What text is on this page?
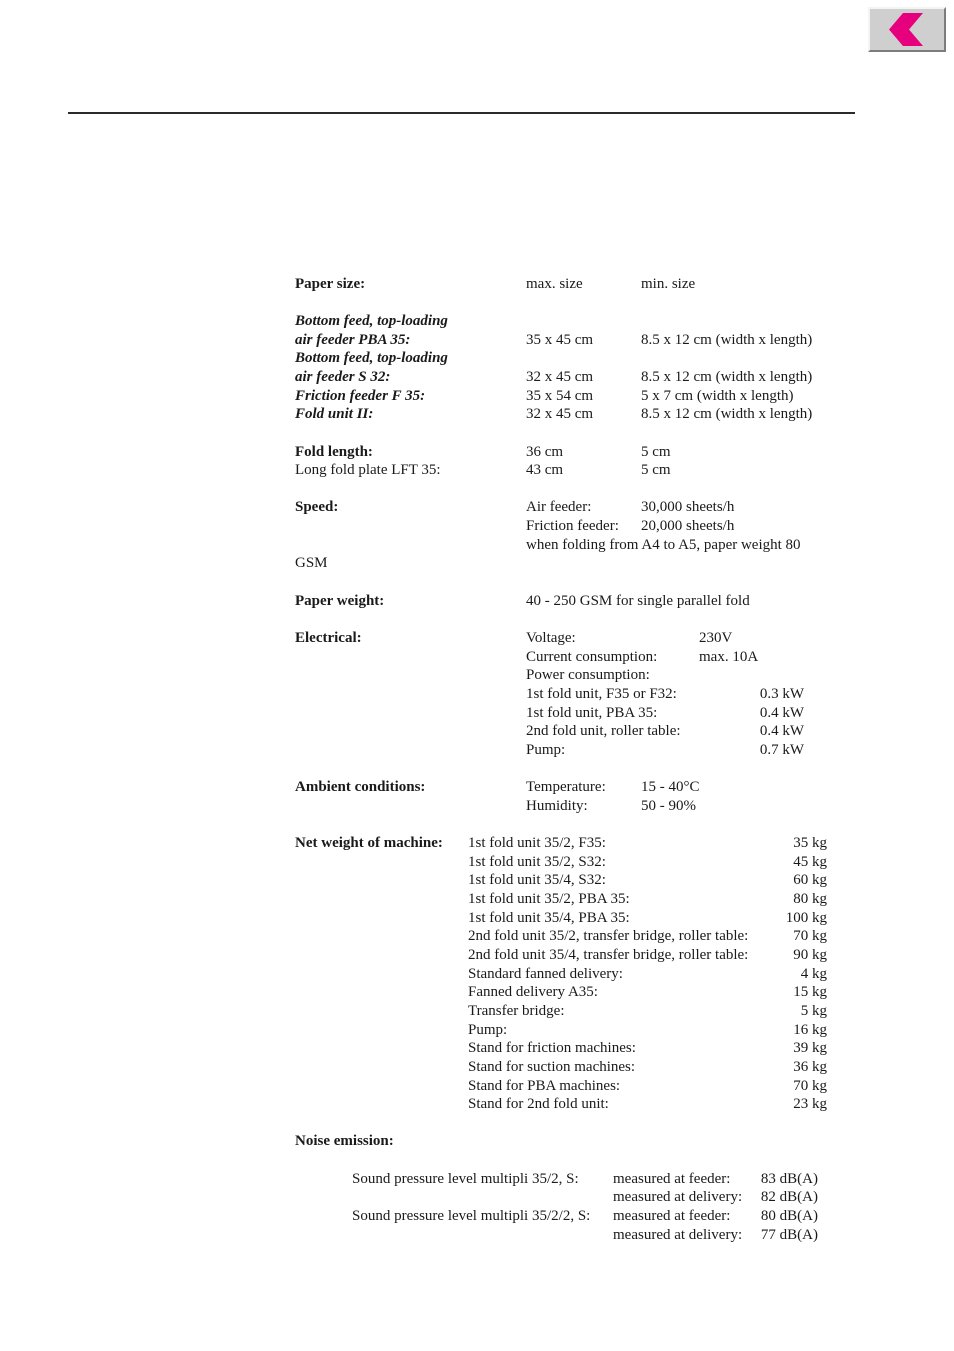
Paper size:	max. size	min. size
Bottom feed, top-loading
air feeder PBA 35:	35 x 45 cm	8.5 x 12 cm (width x length)
Bottom feed, top-loading
air feeder S 32:	32 x 45 cm	8.5 x 12 cm (width x length)
Friction feeder F 35:	35 x 54 cm	5 x 7 cm (width x length)
Fold unit II:	32 x 45 cm	8.5 x 12 cm (width x length)
Fold length:	36 cm	5 cm
Long fold plate LFT 35:	43 cm	5 cm
Speed:	Air feeder:	30,000 sheets/h
Friction feeder: 20,000 sheets/h
when folding from A4 to A5, paper weight 80
GSM
Paper weight:	40 - 250 GSM for single parallel fold
Electrical:	Voltage:	230V
Current consumption:	max. 10A
Power consumption:
1st fold unit, F35 or F32:	0.3 kW
1st fold unit, PBA 35:	0.4 kW
2nd fold unit, roller table:	0.4 kW
Pump:	0.7 kW
Ambient conditions:	Temperature: 15 - 40°C
Humidity:	50 - 90%
Net weight of machine: 1st fold unit 35/2, F35:	35 kg
1st fold unit 35/2, S32:	45 kg
1st fold unit 35/4, S32:	60 kg
1st fold unit 35/2, PBA 35:	80 kg
1st fold unit 35/4, PBA 35:	100 kg
2nd fold unit 35/2, transfer bridge, roller table:	70 kg
2nd fold unit 35/4, transfer bridge, roller table:	90 kg
Standard fanned delivery:	4 kg
Fanned delivery A35:	15 kg
Transfer bridge:	5 kg
Pump:	16 kg
Stand for friction machines:	39 kg
Stand for suction machines:	36 kg
Stand for PBA machines:	70 kg
Stand for 2nd fold unit:	23 kg
Noise emission:
Sound pressure level multipli 35/2, S: measured at feeder:	83 dB(A)
measured at delivery:	82 dB(A)
Sound pressure level multipli 35/2/2, S: measured at feeder:	80 dB(A)
measured at delivery:	77 dB(A)
